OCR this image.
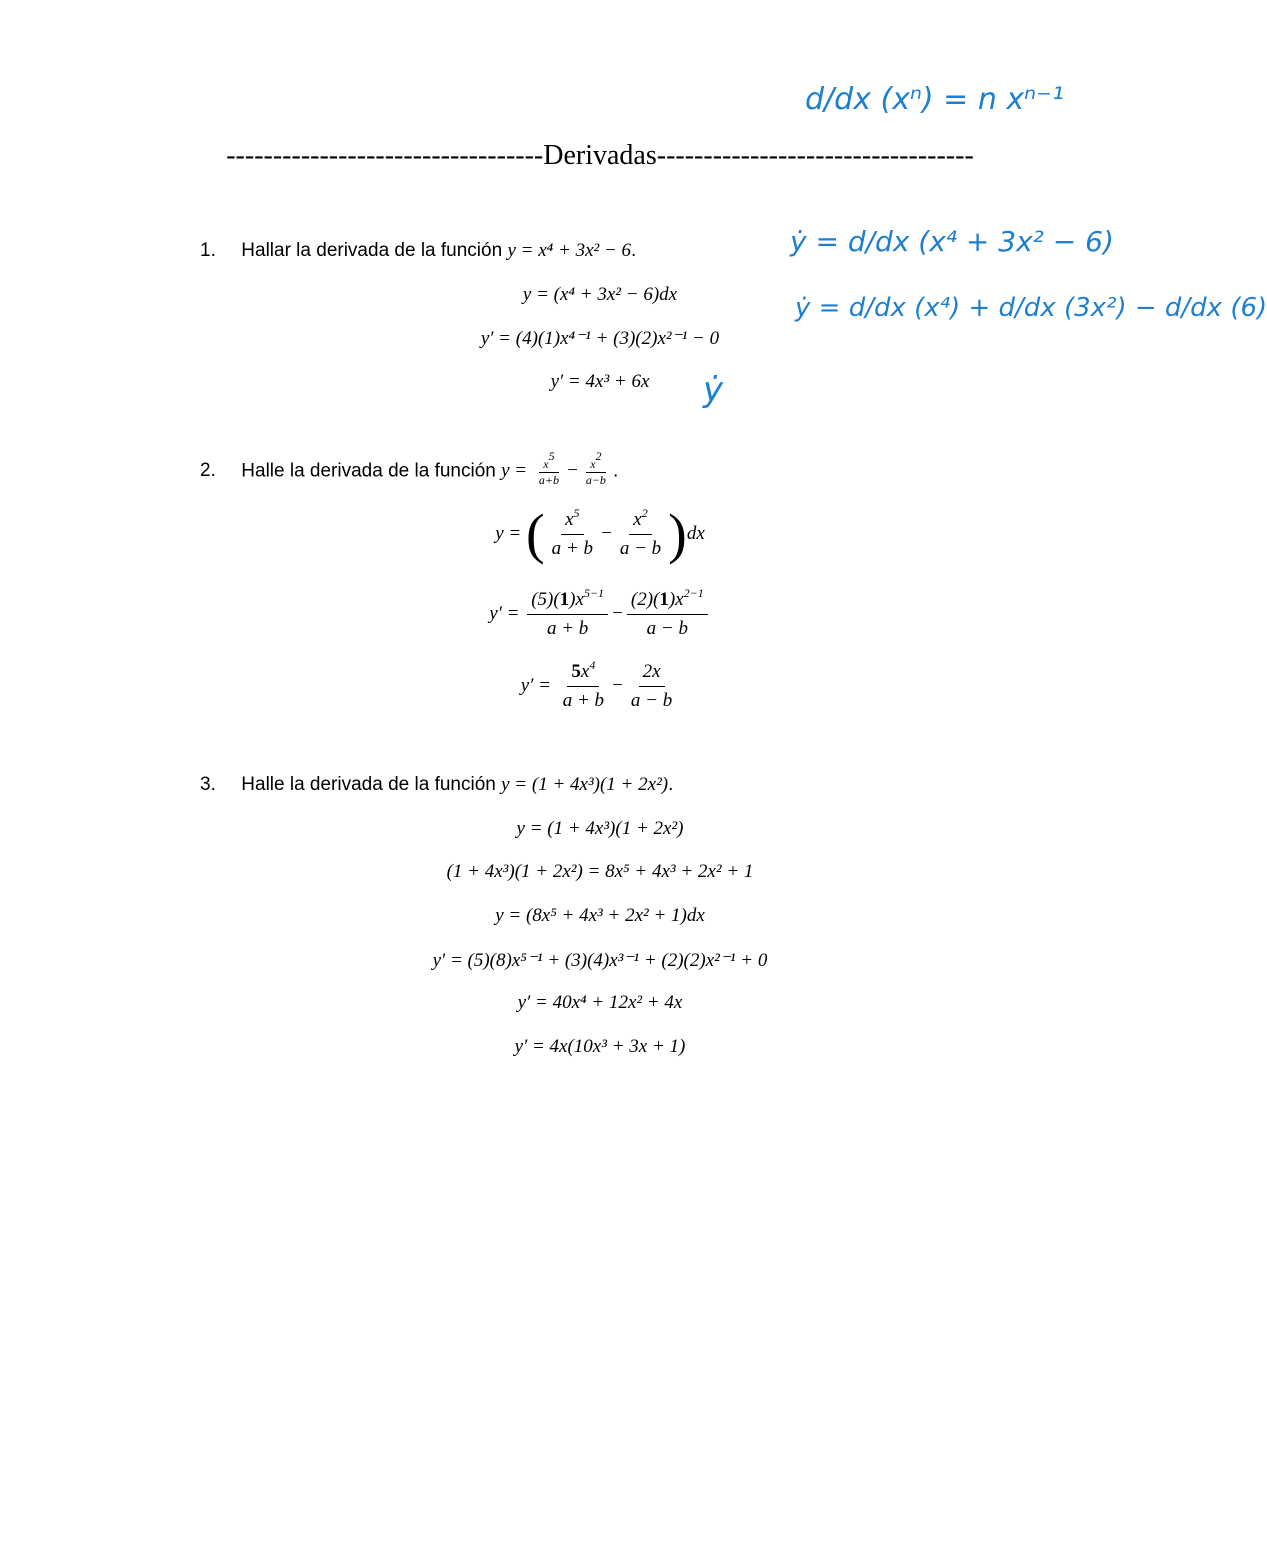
----------------------------------Derivadas----------------------------------
1. Hallar la derivada de la función y = x⁴ + 3x² − 6.
y = (x⁴ + 3x² − 6)dx
y′ = (4)(1)x⁴⁻¹ + (3)(2)x²⁻¹ − 0
y′ = 4x³ + 6x
2. Halle la derivada de la función $y = \frac{x^5}{a+b} - \frac{x^2}{a-b}$ .
y = ( $\frac{x^5}{a + b} - \frac{x^2}{a - b} )dx$
$y' = \frac{(5)(1)x^{5-1}}{a + b} - \frac{(2)(1)x^{2-1}}{a - b}$
$y' = \frac{5x^4}{a + b} - \frac{2x}{a - b}$
3. Halle la derivada de la función y = (1 + 4x³)(1 + 2x²).
y = (1 + 4x³)(1 + 2x²)
(1 + 4x³)(1 + 2x²) = 8x⁵ + 4x³ + 2x² + 1
y = (8x⁵ + 4x³ + 2x² + 1)dx
y′ = (5)(8)x⁵⁻¹ + (3)(4)x³⁻¹ + (2)(2)x²⁻¹ + 0
y′ = 40x⁴ + 12x² + 4x
y′ = 4x(10x³ + 3x + 1)
d/dx (xⁿ) = n xⁿ⁻¹
ẏ = d/dx (x⁴ + 3x² − 6)
ẏ = d/dx (x⁴) + d/dx (3x²) − d/dx (6)
ẏ
